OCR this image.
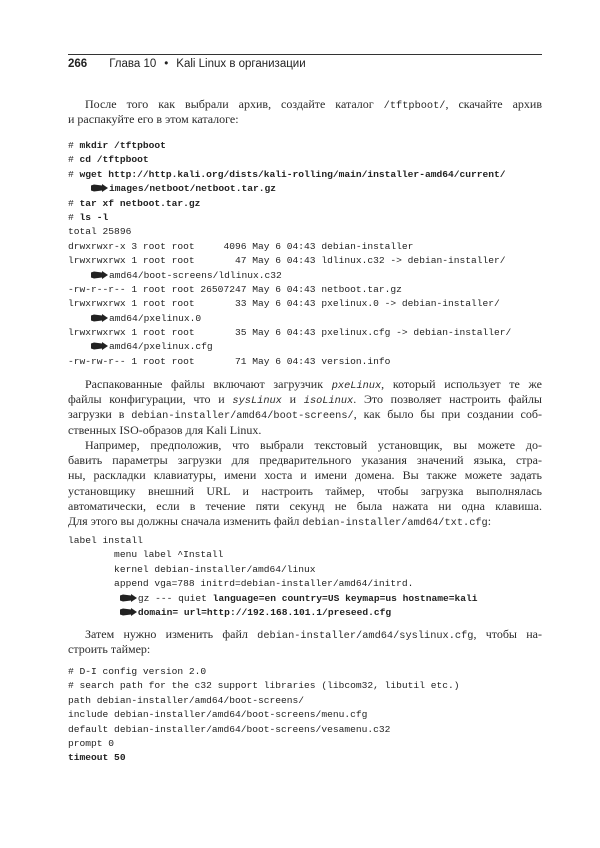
266 Глава 10 • Kali Linux в организации
После того как выбрали архив, создайте каталог /tftpboot/, скачайте архив
и распакуйте его в этом каталоге:
# mkdir /tftpboot
# cd /tftpboot
# wget http://http.kali.org/dists/kali-rolling/main/installer-amd64/current/
images/netboot/netboot.tar.gz
# tar xf netboot.tar.gz
# ls -l
total 25896
drwxrwxr-x 3 root root     4096 May 6 04:43 debian-installer
lrwxrwxrwx 1 root root       47 May 6 04:43 ldlinux.c32 -> debian-installer/
amd64/boot-screens/ldlinux.c32
-rw-r--r-- 1 root root 26507247 May 6 04:43 netboot.tar.gz
lrwxrwxrwx 1 root root       33 May 6 04:43 pxelinux.0 -> debian-installer/
amd64/pxelinux.0
lrwxrwxrwx 1 root root       35 May 6 04:43 pxelinux.cfg -> debian-installer/
amd64/pxelinux.cfg
-rw-rw-r-- 1 root root       71 May 6 04:43 version.info
Распакованные файлы включают загрузчик pxeLinux, который использует те же
файлы конфигурации, что и sysLinux и isoLinux. Это позволяет настроить файлы
загрузки в debian-installer/amd64/boot-screens/, как было бы при создании соб-
ственных ISO-образов для Kali Linux.
Например, предположив, что выбрали текстовый установщик, вы можете до-
бавить параметры загрузки для предварительного указания значений языка, стра-
ны, раскладки клавиатуры, имени хоста и имени домена. Вы также можете задать
установщику внешний URL и настроить таймер, чтобы загрузка выполнялась
автоматически, если в течение пяти секунд не была нажата ни одна клавиша.
Для этого вы должны сначала изменить файл debian-installer/amd64/txt.cfg:
label install
menu label ^Install
kernel debian-installer/amd64/linux
append vga=788 initrd=debian-installer/amd64/initrd.
gz --- quiet language=en country=US keymap=us hostname=kali
domain= url=http://192.168.101.1/preseed.cfg
Затем нужно изменить файл debian-installer/amd64/syslinux.cfg, чтобы на-
строить таймер:
# D-I config version 2.0
# search path for the c32 support libraries (libcom32, libutil etc.)
path debian-installer/amd64/boot-screens/
include debian-installer/amd64/boot-screens/menu.cfg
default debian-installer/amd64/boot-screens/vesamenu.c32
prompt 0
timeout 50
